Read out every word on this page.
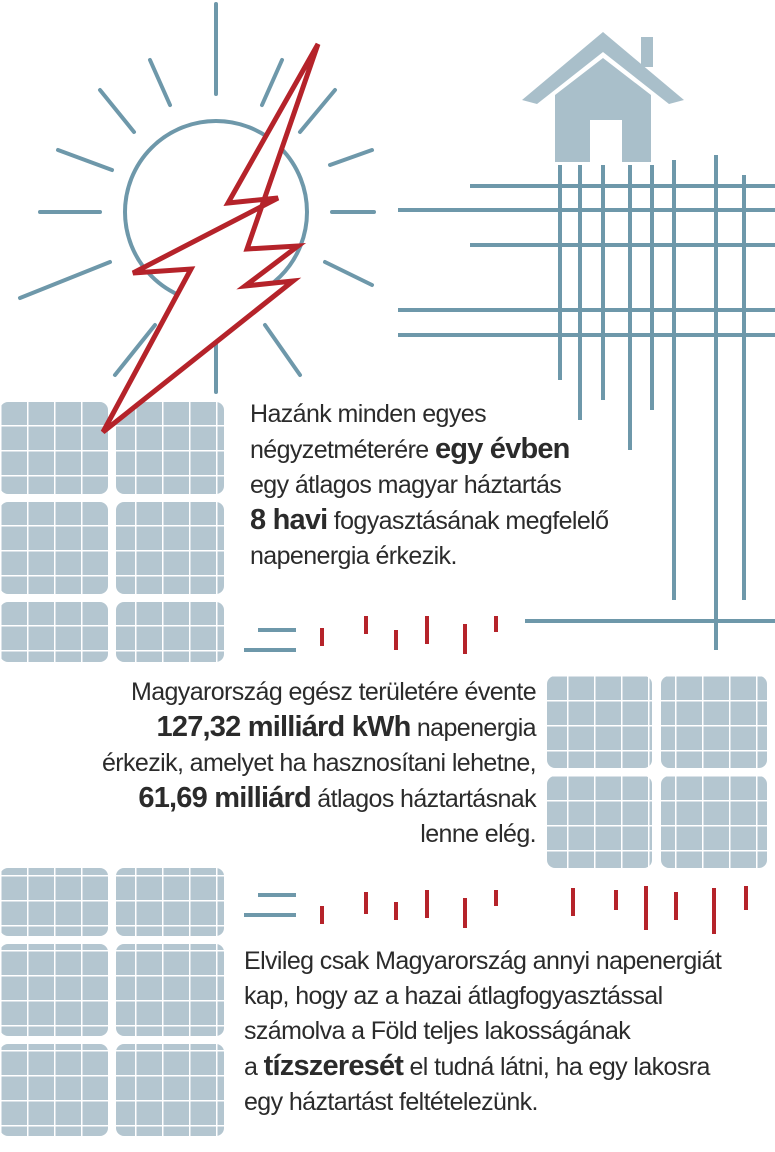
Hazánk minden egyes
négyzetméterére egy évben
egy átlagos magyar háztartás
8 havi fogyasztásának megfelelő
napenergia érkezik.
Magyarország egész területére évente
127,32 milliárd kWh napenergia
érkezik, amelyet ha hasznosítani lehetne,
61,69 milliárd átlagos háztartásnak
lenne elég.
Elvileg csak Magyarország annyi napenergiát
kap, hogy az a hazai átlagfogyasztással
számolva a Föld teljes lakosságának
a tízszeresét el tudná látni, ha egy lakosra
egy háztartást feltételezünk.
